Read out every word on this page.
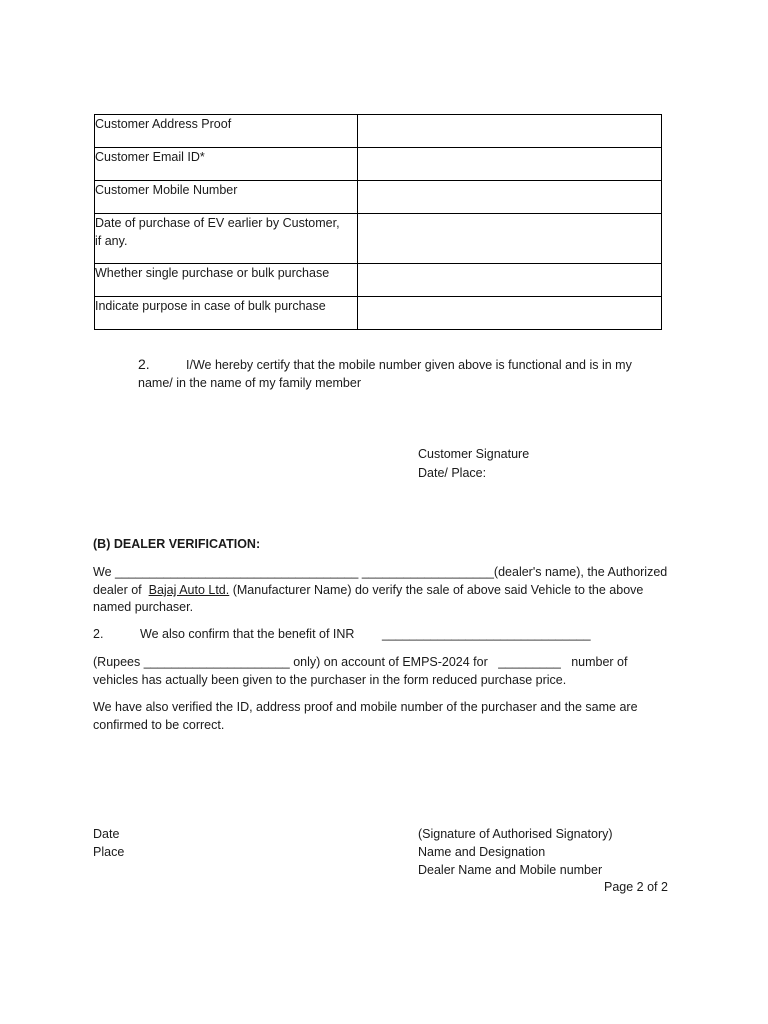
Customer Address Proof	
Customer Email ID*	
Customer Mobile Number	

Date of purchase of EV earlier by Customer,
if any.	

Whether single purchase or bulk purchase	
Indicate purpose in case of bulk purchase	
2.	I/We hereby certify that the mobile number given above is functional and is in my
name/ in the name of my family member
Customer Signature
Date/ Place:
(B) DEALER VERIFICATION:
We ___________________________________ ___________________(dealer's name), the Authorized
dealer of Bajaj Auto Ltd. (Manufacturer Name) do verify the sale of above said Vehicle to the above
named purchaser.
2.	We also confirm that the benefit of INR ______________________________
(Rupees _____________________ only) on account of EMPS-2024 for _________ number of
vehicles has actually been given to the purchaser in the form reduced purchase price.
We have also verified the ID, address proof and mobile number of the purchaser and the same are
confirmed to be correct.
Date
Place
(Signature of Authorised Signatory)
Name and Designation
Dealer Name and Mobile number
Page 2 of 2
